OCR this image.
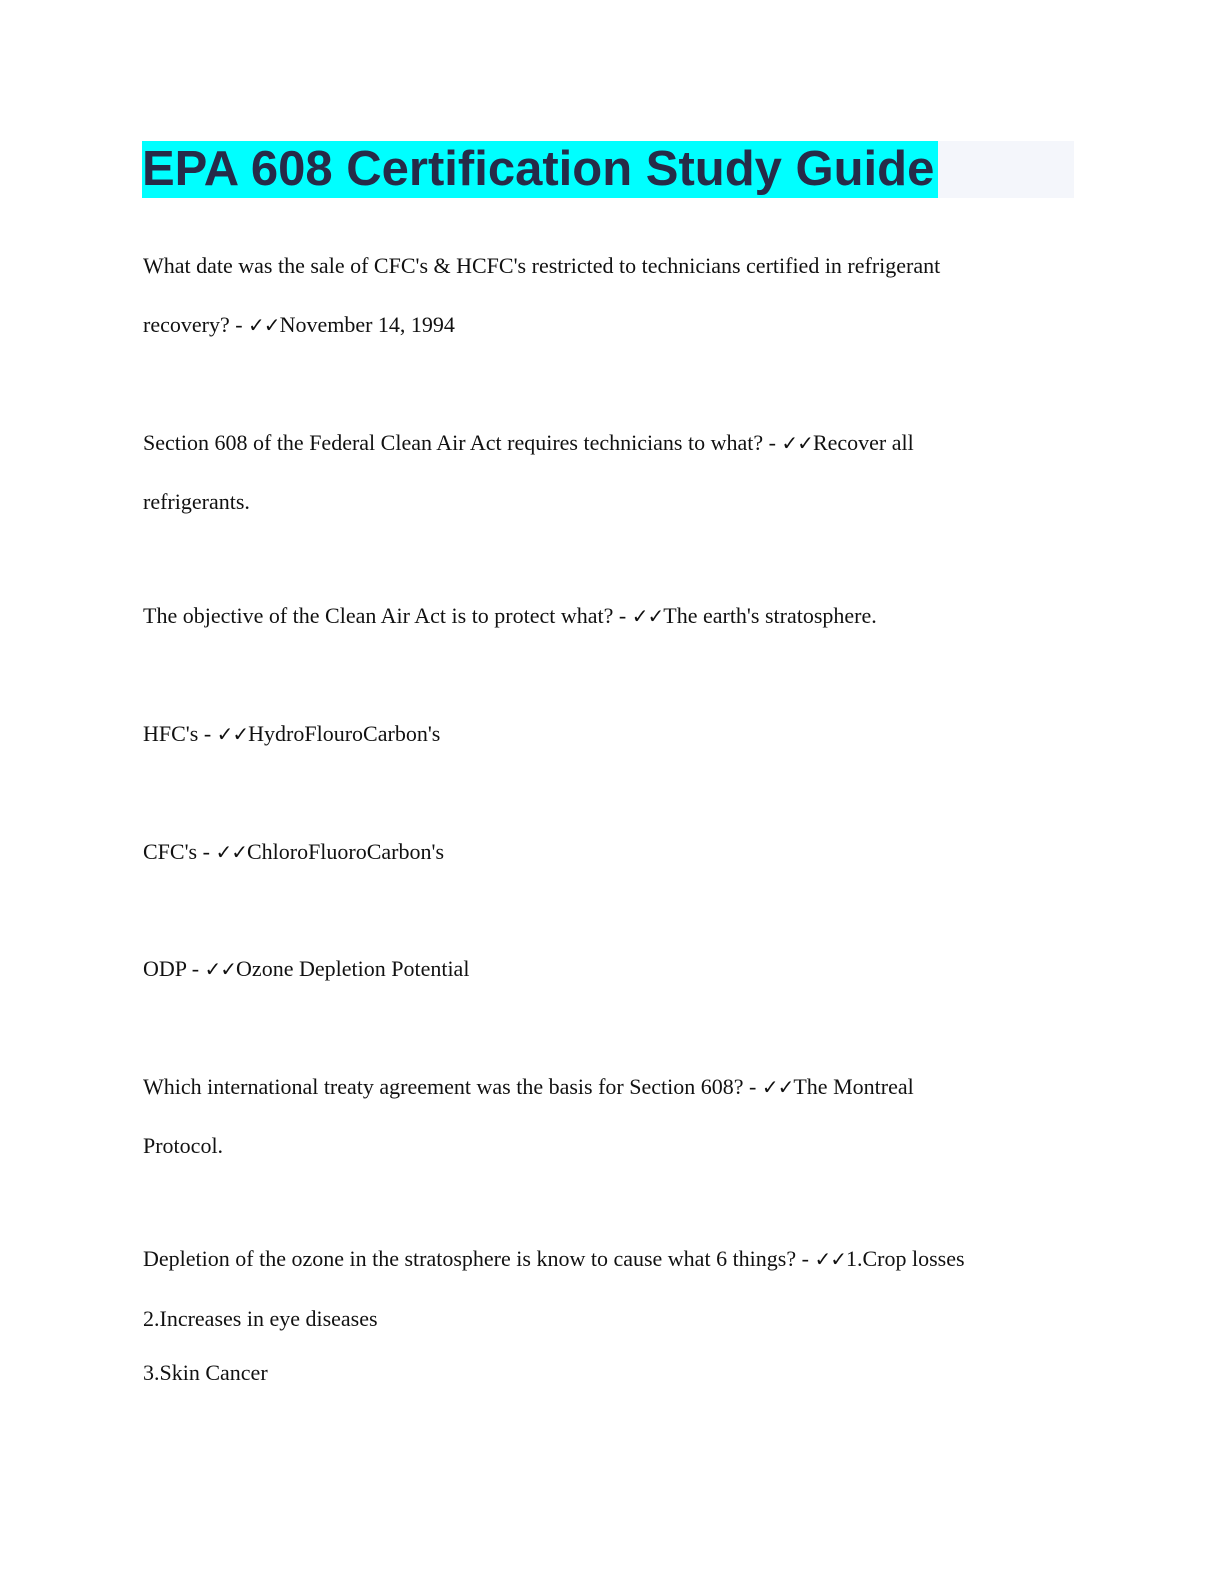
EPA 608 Certification Study Guide
What date was the sale of CFC's & HCFC's restricted to technicians certified in refrigerant
recovery? - ✓✓November 14, 1994
Section 608 of the Federal Clean Air Act requires technicians to what? - ✓✓Recover all
refrigerants.
The objective of the Clean Air Act is to protect what? - ✓✓The earth's stratosphere.
HFC's - ✓✓HydroFlouroCarbon's
CFC's - ✓✓ChloroFluoroCarbon's
ODP - ✓✓Ozone Depletion Potential
Which international treaty agreement was the basis for Section 608? - ✓✓The Montreal
Protocol.
Depletion of the ozone in the stratosphere is know to cause what 6 things? - ✓✓1.Crop losses
2.Increases in eye diseases
3.Skin Cancer
